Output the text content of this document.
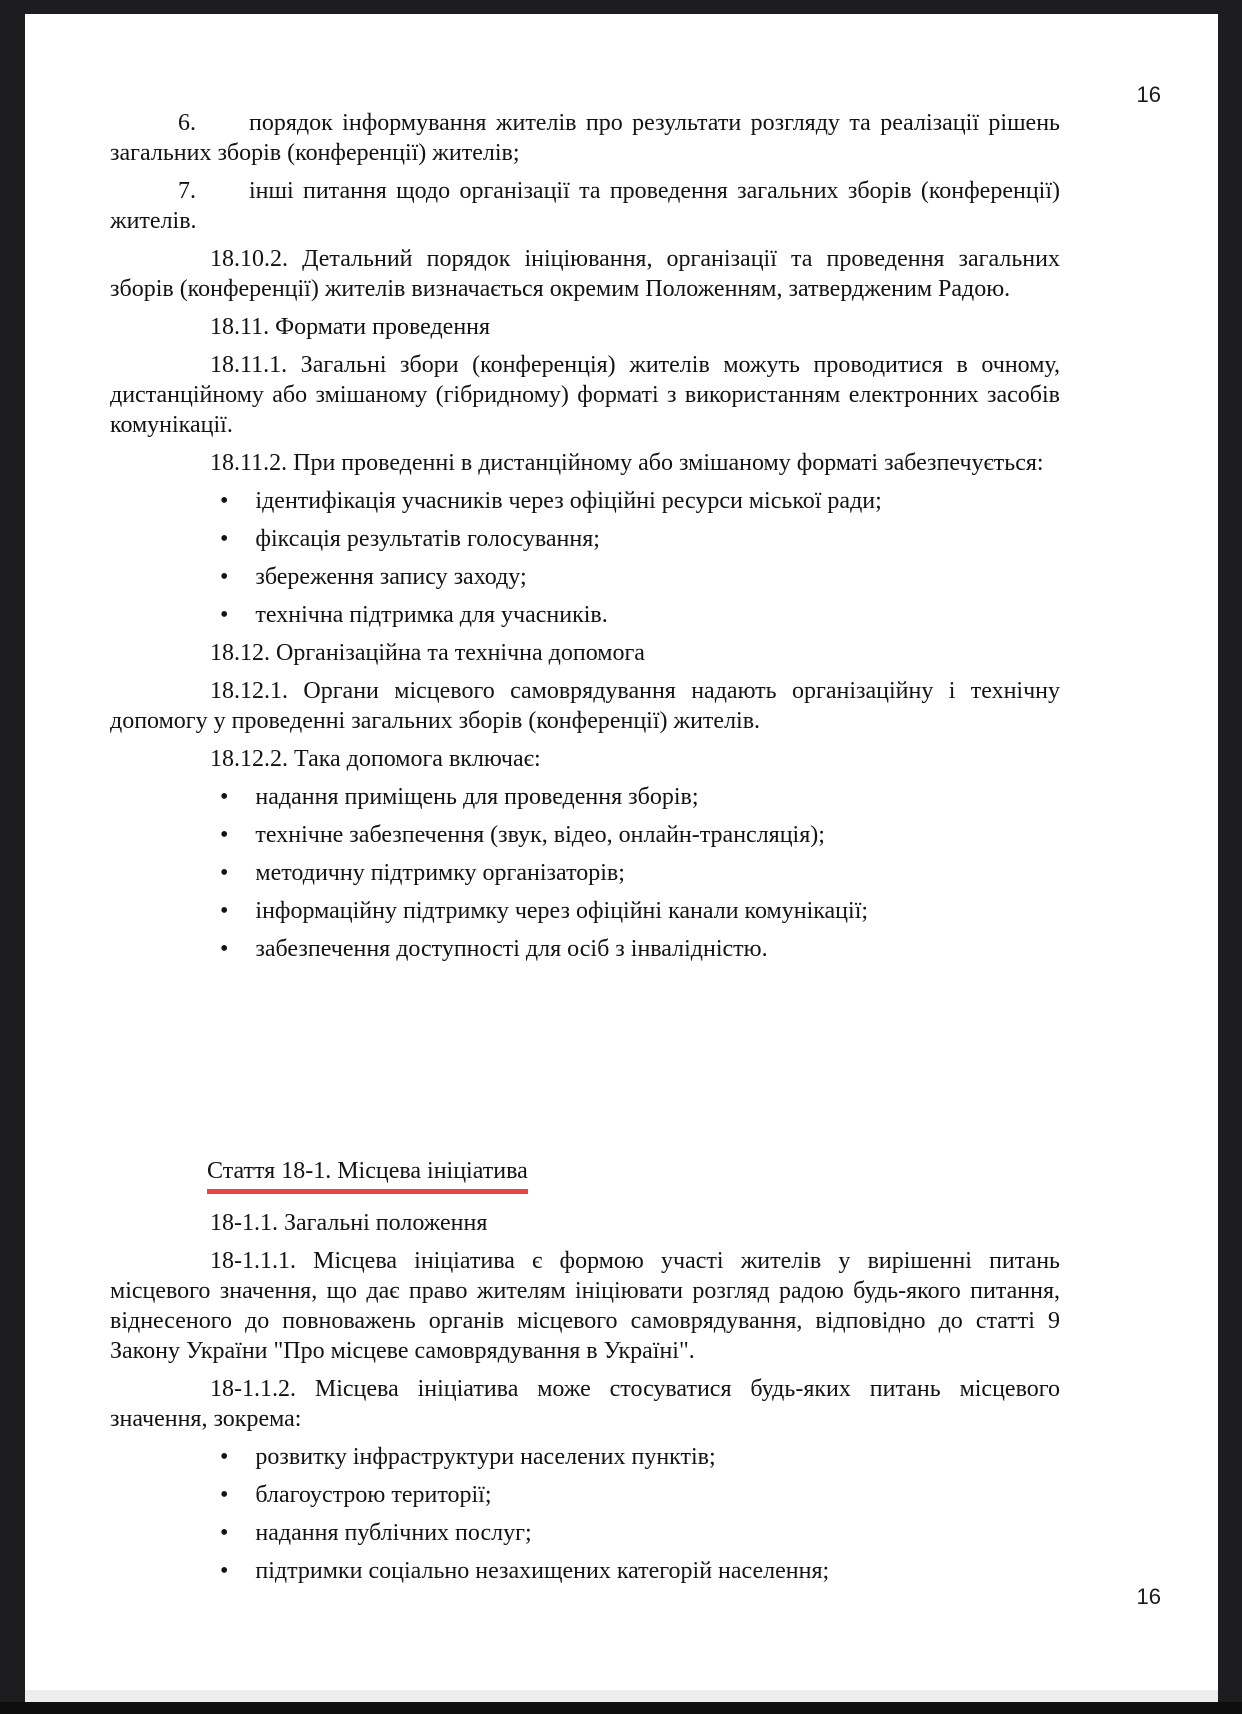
16

6. порядок інформування жителів про результати розгляду та реалізації рішень загальних зборів (конференції) жителів;

7. інші питання щодо організації та проведення загальних зборів (конференції) жителів.

18.10.2. Детальний порядок ініціювання, організації та проведення загальних зборів (конференції) жителів визначається окремим Положенням, затвердженим Радою.

18.11. Формати проведення

18.11.1. Загальні збори (конференція) жителів можуть проводитися в очному, дистанційному або змішаному (гібридному) форматі з використанням електронних засобів комунікації.

18.11.2. При проведенні в дистанційному або змішаному форматі забезпечується:

• ідентифікація учасників через офіційні ресурси міської ради;

• фіксація результатів голосування;

• збереження запису заходу;

• технічна підтримка для учасників.

18.12. Організаційна та технічна допомога

18.12.1. Органи місцевого самоврядування надають організаційну і технічну допомогу у проведенні загальних зборів (конференції) жителів.

18.12.2. Така допомога включає:

• надання приміщень для проведення зборів;

• технічне забезпечення (звук, відео, онлайн-трансляція);

• методичну підтримку організаторів;

• інформаційну підтримку через офіційні канали комунікації;

• забезпечення доступності для осіб з інвалідністю.

Стаття 18-1. Місцева ініціатива

18-1.1. Загальні положення

18-1.1.1. Місцева ініціатива є формою участі жителів у вирішенні питань місцевого значення, що дає право жителям ініціювати розгляд радою будь-якого питання, віднесеного до повноважень органів місцевого самоврядування, відповідно до статті 9 Закону України "Про місцеве самоврядування в Україні".

18-1.1.2. Місцева ініціатива може стосуватися будь-яких питань місцевого значення, зокрема:

• розвитку інфраструктури населених пунктів;

• благоустрою території;

• надання публічних послуг;

• підтримки соціально незахищених категорій населення;

16
